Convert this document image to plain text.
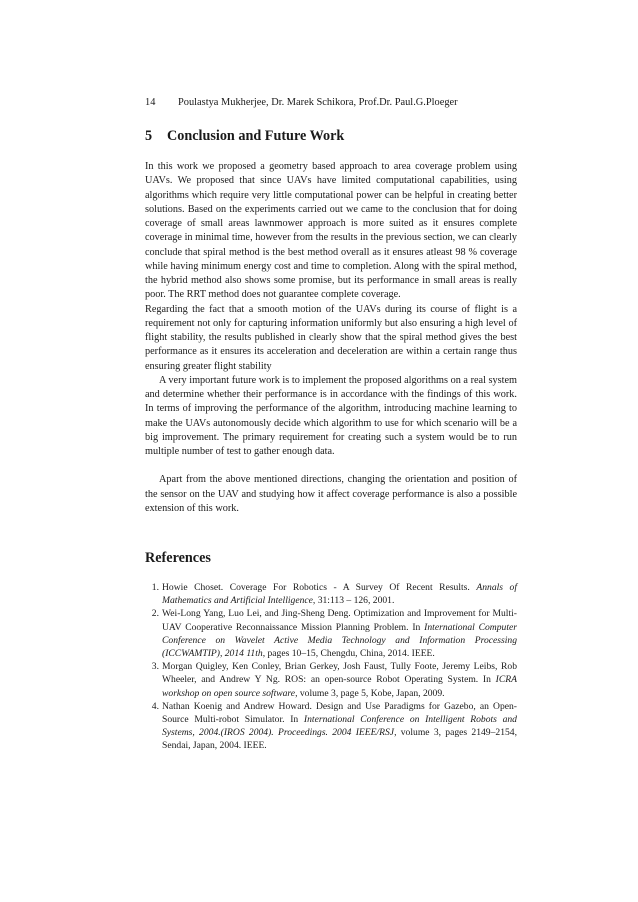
14 Poulastya Mukherjee, Dr. Marek Schikora, Prof.Dr. Paul.G.Ploeger
5 Conclusion and Future Work

In this work we proposed a geometry based approach to area coverage problem using UAVs. We proposed that since UAVs have limited computational capabilities, using algorithms which require very little computational power can be helpful in creating better solutions. Based on the experiments carried out we came to the conclusion that for doing coverage of small areas lawnmower approach is more suited as it ensures complete coverage in minimal time, however from the results in the previous section, we can clearly conclude that spiral method is the best method overall as it ensures atleast 98 % coverage while having minimum energy cost and time to completion. Along with the spiral method, the hybrid method also shows some promise, but its performance in small areas is really poor. The RRT method does not guarantee complete coverage.

Regarding the fact that a smooth motion of the UAVs during its course of flight is a requirement not only for capturing information uniformly but also ensuring a high level of flight stability, the results published in clearly show that the spiral method gives the best performance as it ensures its acceleration and deceleration are within a certain range thus ensuring greater flight stability

A very important future work is to implement the proposed algorithms on a real system and determine whether their performance is in accordance with the findings of this work. In terms of improving the performance of the algorithm, introducing machine learning to make the UAVs autonomously decide which algorithm to use for which scenario will be a big improvement. The primary requirement for creating such a system would be to run multiple number of test to gather enough data.

Apart from the above mentioned directions, changing the orientation and position of the sensor on the UAV and studying how it affect coverage performance is also a possible extension of this work.

References
1. Howie Choset. Coverage For Robotics - A Survey Of Recent Results. Annals of Mathematics and Artificial Intelligence, 31:113 – 126, 2001.
2. Wei-Long Yang, Luo Lei, and Jing-Sheng Deng. Optimization and Improvement for Multi-UAV Cooperative Reconnaissance Mission Planning Problem. In International Computer Conference on Wavelet Active Media Technology and Information Processing (ICCWAMTIP), 2014 11th, pages 10–15, Chengdu, China, 2014. IEEE.
3. Morgan Quigley, Ken Conley, Brian Gerkey, Josh Faust, Tully Foote, Jeremy Leibs, Rob Wheeler, and Andrew Y Ng. ROS: an open-source Robot Operating System. In ICRA workshop on open source software, volume 3, page 5, Kobe, Japan, 2009.
4. Nathan Koenig and Andrew Howard. Design and Use Paradigms for Gazebo, an Open-Source Multi-robot Simulator. In International Conference on Intelligent Robots and Systems, 2004.(IROS 2004). Proceedings. 2004 IEEE/RSJ, volume 3, pages 2149–2154, Sendai, Japan, 2004. IEEE.
